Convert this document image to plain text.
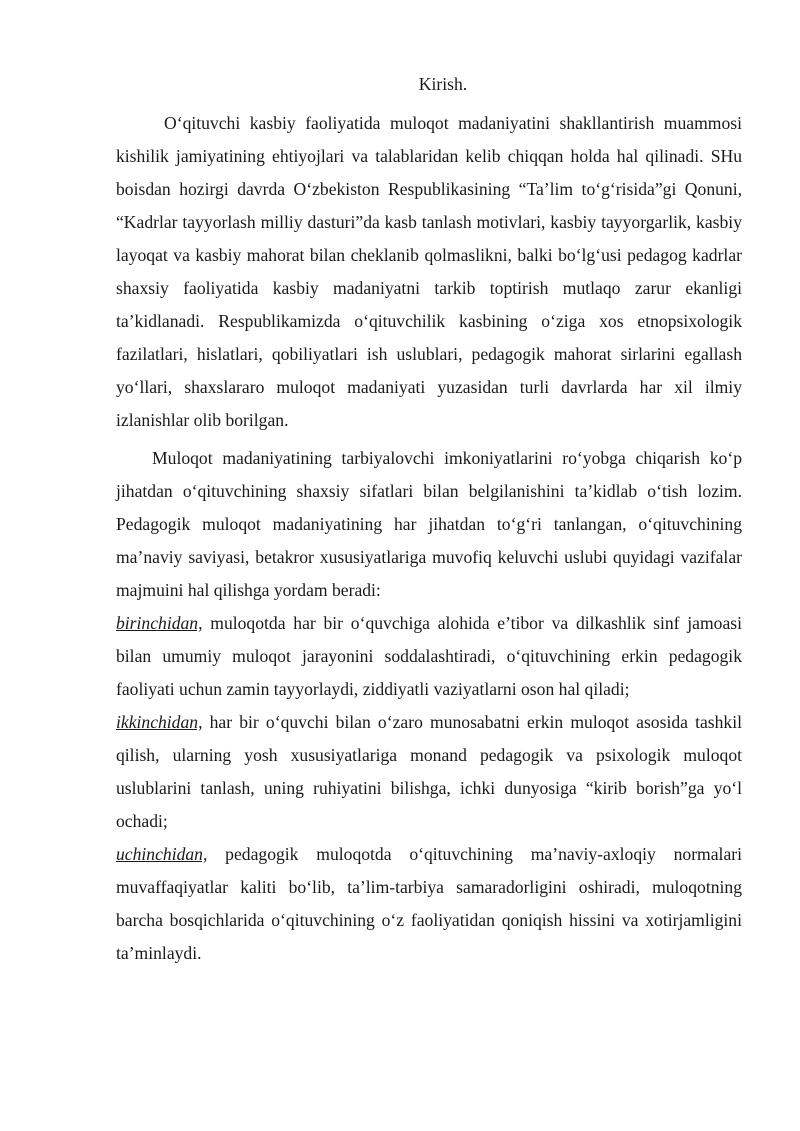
Kirish.

O‘qituvchi kasbiy faoliyatida muloqot madaniyatini shakllantirish muammosi kishilik jamiyatining ehtiyojlari va talablaridan kelib chiqqan holda hal qilinadi. SHu boisdan hozirgi davrda O‘zbekiston Respublikasining “Ta’lim to‘g‘risida”gi Qonuni, “Kadrlar tayyorlash milliy dasturi”da kasb tanlash motivlari, kasbiy tayyorgarlik, kasbiy layoqat va kasbiy mahorat bilan cheklanib qolmaslikni, balki bo‘lg‘usi pedagog kadrlar shaxsiy faoliyatida kasbiy madaniyatni tarkib toptirish mutlaqo zarur ekanligi ta’kidlanadi. Respublikamizda o‘qituvchilik kasbining o‘ziga xos etnopsixologik fazilatlari, hislatlari, qobiliyatlari ish uslublari, pedagogik mahorat sirlarini egallash yo‘llari, shaxslararo muloqot madaniyati yuzasidan turli davrlarda har xil ilmiy izlanishlar olib borilgan.

Muloqot madaniyatining tarbiyalovchi imkoniyatlarini ro‘yobga chiqarish ko‘p jihatdan o‘qituvchining shaxsiy sifatlari bilan belgilanishini ta’kidlab o‘tish lozim. Pedagogik muloqot madaniyatining har jihatdan to‘g‘ri tanlangan, o‘qituvchining ma’naviy saviyasi, betakror xususiyatlariga muvofiq keluvchi uslubi quyidagi vazifalar majmuini hal qilishga yordam beradi:

birinchidan, muloqotda har bir o‘quvchiga alohida e’tibor va dilkashlik sinf jamoasi bilan umumiy muloqot jarayonini soddalashtiradi, o‘qituvchining erkin pedagogik faoliyati uchun zamin tayyorlaydi, ziddiyatli vaziyatlarni oson hal qiladi;

ikkinchidan, har bir o‘quvchi bilan o‘zaro munosabatni erkin muloqot asosida tashkil qilish, ularning yosh xususiyatlariga monand pedagogik va psixologik muloqot uslublarini tanlash, uning ruhiyatini bilishga, ichki dunyosiga “kirib borish”ga yo‘l ochadi;

uchinchidan, pedagogik muloqotda o‘qituvchining ma’naviy-axloqiy normalari muvaffaqiyatlar kaliti bo‘lib, ta’lim-tarbiya samaradorligini oshiradi, muloqotning barcha bosqichlarida o‘qituvchining o‘z faoliyatidan qoniqish hissini va xotirjamligini ta’minlaydi.
